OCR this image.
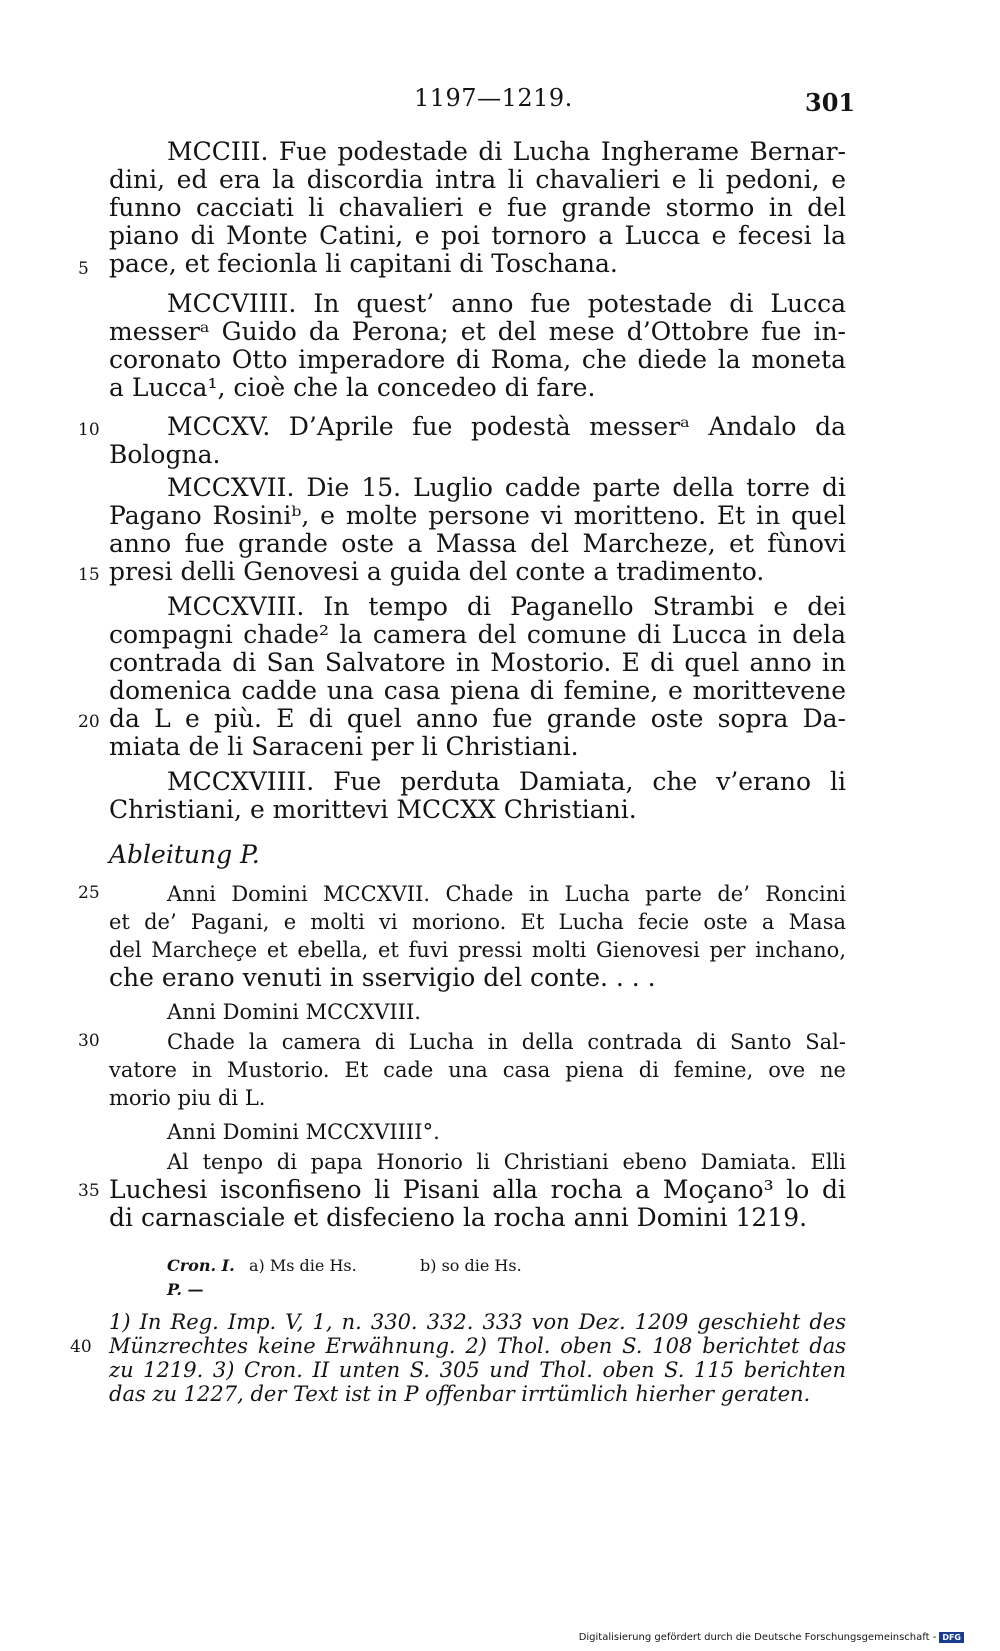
1197—1219.	301
MCCIII. Fue podestade di Lucha Ingherame Bernar-
dini, ed era la discordia intra li chavalieri e li pedoni, e
funno cacciati li chavalieri e fue grande stormo in del
piano di Monte Catini, e poi tornoro a Lucca e fecesi la
pace, et fecionla li capitani di Toschana.
MCCVIIII. In quest’ anno fue potestade di Lucca
messerᵃ Guido da Perona; et del mese d’Ottobre fue in-
coronato Otto imperadore di Roma, che diede la moneta
a Lucca¹, cioè che la concedeo di fare.
MCCXV. D’Aprile fue podestà messerᵃ Andalo da
Bologna.
MCCXVII. Die 15. Luglio cadde parte della torre di
Pagano Rosiniᵇ, e molte persone vi moritteno. Et in quel
anno fue grande oste a Massa del Marcheze, et fùnovi
presi delli Genovesi a guida del conte a tradimento.
MCCXVIII. In tempo di Paganello Strambi e dei
compagni chade² la camera del comune di Lucca in dela
contrada di San Salvatore in Mostorio. E di quel anno in
domenica cadde una casa piena di femine, e morittevene
da L e più. E di quel anno fue grande oste sopra Da-
miata de li Saraceni per li Christiani.
MCCXVIIII. Fue perduta Damiata, che v’erano li
Christiani, e morittevi MCCXX Christiani.
5
10
15
20
Ableitung P.
Anni Domini MCCXVII. Chade in Lucha parte de’ Roncini
et de’ Pagani, e molti vi moriono. Et Lucha fecie oste a Masa
del Marcheçe et ebella, et fuvi pressi molti Gienovesi per inchano,
che erano venuti in sservigio del conte. . . .
Anni Domini MCCXVIII.
Chade la camera di Lucha in della contrada di Santo Sal-
vatore in Mustorio. Et cade una casa piena di femine, ove ne
morio piu di L.
Anni Domini MCCXVIIII°.
Al tenpo di papa Honorio li Christiani ebeno Damiata. Elli
Luchesi isconfiseno li Pisani alla rocha a Moçano³ lo di
di carnasciale et disfecieno la rocha anni Domini 1219.
25
30
35
Cron. I. a) Ms die Hs.	b) so die Hs.
P. —
1) In Reg. Imp. V, 1, n. 330. 332. 333 von Dez. 1209 geschieht des
Münzrechtes keine Erwähnung. 2) Thol. oben S. 108 berichtet das
zu 1219. 3) Cron. II unten S. 305 und Thol. oben S. 115 berichten
das zu 1227, der Text ist in P offenbar irrtümlich hierher geraten.
40
Digitalisierung gefördert durch die Deutsche Forschungsgemeinschaft - DFG
